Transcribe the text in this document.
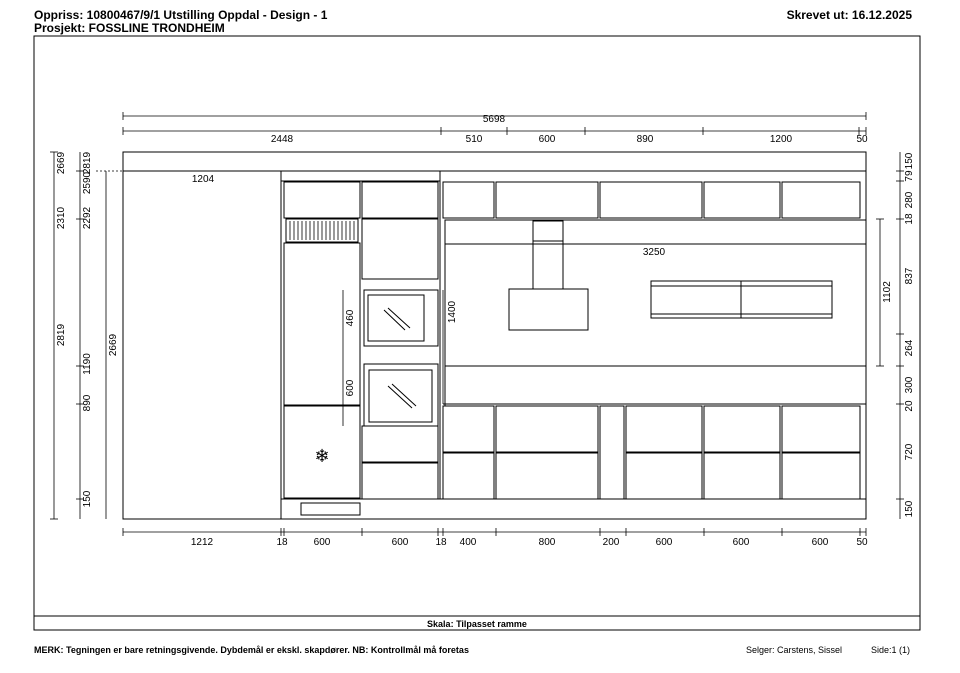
Oppriss: 10800467/9/1 Utstilling Oppdal - Design - 1
Prosjekt: FOSSLINE TRONDHEIM
Skrevet ut: 16.12.2025
Skala: Tilpasset ramme
❄
5698
2448	510	600	890	1200	50
1212	18	600	600	18 400	800	200	600	600	600	50
1204
3250
2819
2669 2819
2590
2310 2292
2669
1190
890
150
150
79
280
18
837
264
300
20
720
150
1102
1400
460
600
MERK: Tegningen er bare retningsgivende. Dybdemål er ekskl. skapdører. NB: Kontrollmål må foretas	Selger: Carstens, Sissel	Side:1 (1)
